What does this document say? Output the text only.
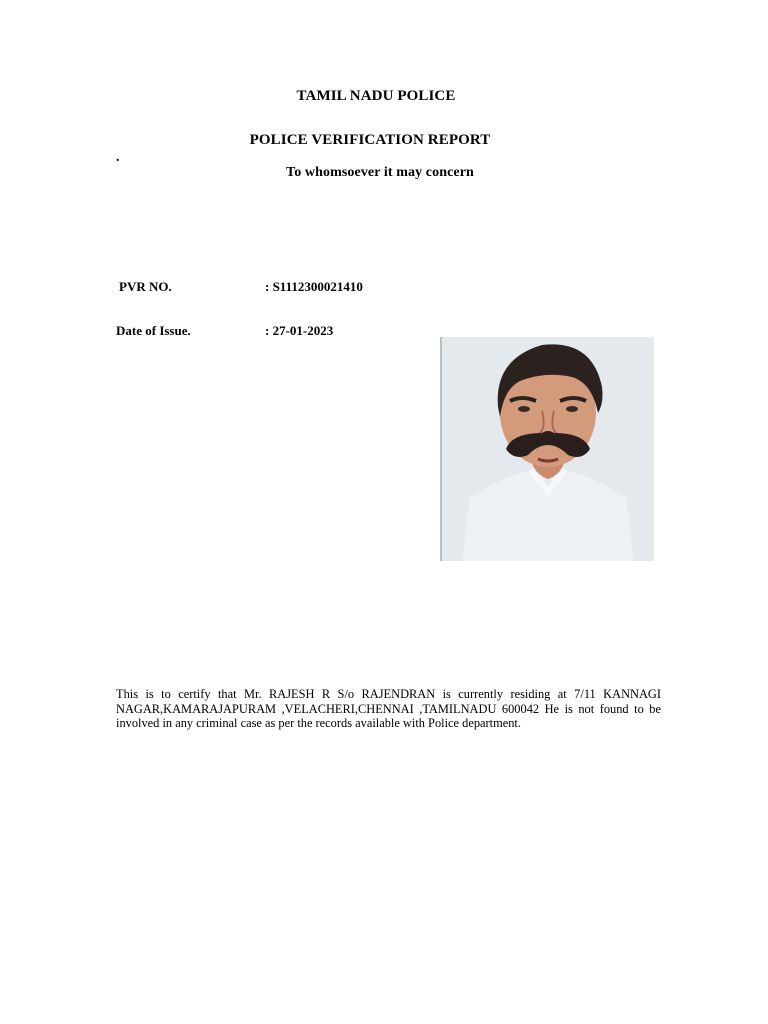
TAMIL NADU POLICE
POLICE VERIFICATION REPORT
.
To whomsoever it may concern
PVR NO.	: S1112300021410
Date of Issue.	: 27-01-2023
This is to certify that Mr. RAJESH R S/o RAJENDRAN is currently residing at 7/11 KANNAGI NAGAR,KAMARAJAPURAM ,VELACHERI,CHENNAI ,TAMILNADU 600042 He is not found to be involved in any criminal case as per the records available with Police department.
